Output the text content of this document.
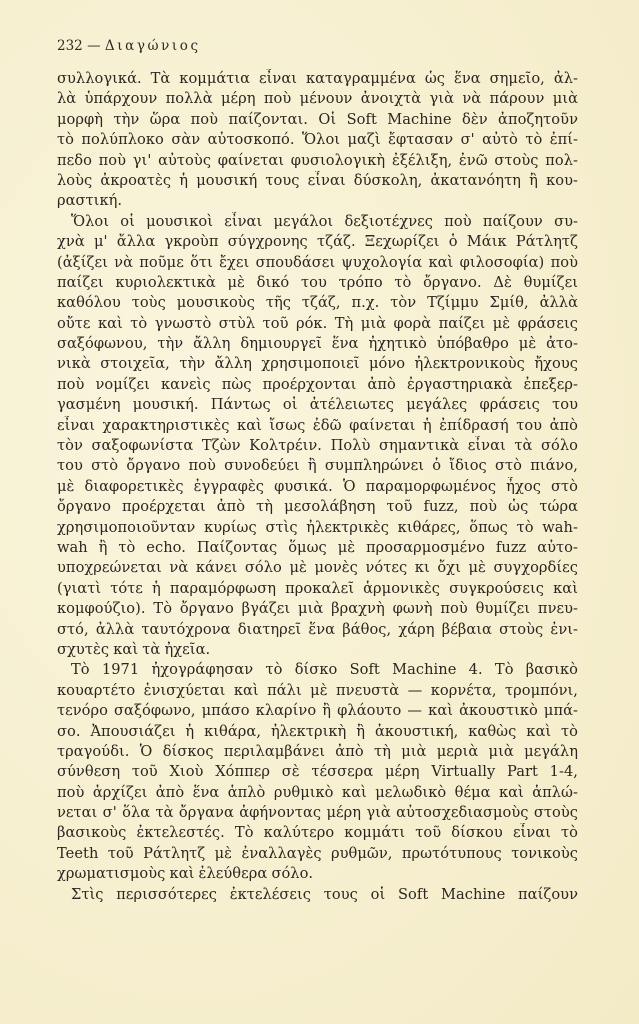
232 — Διαγώνιος
συλλογικά. Τὰ κομμάτια εἶναι καταγραμμένα ὡς ἕνα σημεῖο, ἀλ-
λὰ ὑπάρχουν πολλὰ μέρη ποὺ μένουν ἀνοιχτὰ γιὰ νὰ πάρουν μιὰ
μορφὴ τὴν ὥρα ποὺ παίζονται. Οἱ Soft Machine δὲν ἀποζητοῦν
τὸ πολύπλοκο σὰν αὐτοσκοπό. Ὅλοι μαζὶ ἔφτασαν σ' αὐτὸ τὸ ἐπί-
πεδο ποὺ γι' αὐτοὺς φαίνεται φυσιολογικὴ ἐξέλιξη, ἐνῶ στοὺς πολ-
λοὺς ἀκροατὲς ἡ μουσική τους εἶναι δύσκολη, ἀκατανόητη ἢ κου-
ραστική.
Ὅλοι οἱ μουσικοὶ εἶναι μεγάλοι δεξιοτέχνες ποὺ παίζουν συ-
χνὰ μ' ἄλλα γκροὺπ σύγχρονης τζάζ. Ξεχωρίζει ὁ Μάικ Ράτλητζ
(ἀξίζει νὰ ποῦμε ὅτι ἔχει σπουδάσει ψυχολογία καὶ φιλοσοφία) ποὺ
παίζει κυριολεκτικὰ μὲ δικό του τρόπο τὸ ὄργανο. Δὲ θυμίζει
καθόλου τοὺς μουσικοὺς τῆς τζάζ, π.χ. τὸν Τζίμμυ Σμίθ, ἀλλὰ
οὔτε καὶ τὸ γνωστὸ στὺλ τοῦ ρόκ. Τὴ μιὰ φορὰ παίζει μὲ φράσεις
σαξόφωνου, τὴν ἄλλη δημιουργεῖ ἕνα ἠχητικὸ ὑπόβαθρο μὲ ἀτο-
νικὰ στοιχεῖα, τὴν ἄλλη χρησιμοποιεῖ μόνο ἠλεκτρονικοὺς ἤχους
ποὺ νομίζει κανεὶς πὼς προέρχονται ἀπὸ ἐργαστηριακὰ ἐπεξερ-
γασμένη μουσική. Πάντως οἱ ἀτέλειωτες μεγάλες φράσεις του
εἶναι χαρακτηριστικὲς καὶ ἴσως ἐδῶ φαίνεται ἡ ἐπίδρασή του ἀπὸ
τὸν σαξοφωνίστα Τζὼν Κολτρέιν. Πολὺ σημαντικὰ εἶναι τὰ σόλο
του στὸ ὄργανο ποὺ συνοδεύει ἢ συμπληρώνει ὁ ἴδιος στὸ πιάνο,
μὲ διαφορετικὲς ἐγγραφὲς φυσικά. Ὁ παραμορφωμένος ἦχος στὸ
ὄργανο προέρχεται ἀπὸ τὴ μεσολάβηση τοῦ fuzz, ποὺ ὡς τώρα
χρησιμοποιοῦνταν κυρίως στὶς ἠλεκτρικὲς κιθάρες, ὅπως τὸ wah-
wah ἢ τὸ echo. Παίζοντας ὅμως μὲ προσαρμοσμένο fuzz αὐτο-
υποχρεώνεται νὰ κάνει σόλο μὲ μονὲς νότες κι ὄχι μὲ συγχορδίες
(γιατὶ τότε ἡ παραμόρφωση προκαλεῖ ἁρμονικὲς συγκρούσεις καὶ
κομφούζιο). Τὸ ὄργανο βγάζει μιὰ βραχνὴ φωνὴ ποὺ θυμίζει πνευ-
στό, ἀλλὰ ταυτόχρονα διατηρεῖ ἕνα βάθος, χάρη βέβαια στοὺς ἐνι-
σχυτὲς καὶ τὰ ἠχεῖα.
Τὸ 1971 ἠχογράφησαν τὸ δίσκο Soft Machine 4. Τὸ βασικὸ
κουαρτέτο ἐνισχύεται καὶ πάλι μὲ πνευστὰ — κορνέτα, τρομπόνι,
τενόρο σαξόφωνο, μπάσο κλαρίνο ἢ φλάουτο — καὶ ἀκουστικὸ μπά-
σο. Ἀπουσιάζει ἡ κιθάρα, ἠλεκτρικὴ ἢ ἀκουστική, καθὼς καὶ τὸ
τραγούδι. Ὁ δίσκος περιλαμβάνει ἀπὸ τὴ μιὰ μεριὰ μιὰ μεγάλη
σύνθεση τοῦ Χιοὺ Χόππερ σὲ τέσσερα μέρη Virtually Part 1-4,
ποὺ ἀρχίζει ἀπὸ ἕνα ἁπλὸ ρυθμικὸ καὶ μελωδικὸ θέμα καὶ ἁπλώ-
νεται σ' ὅλα τὰ ὄργανα ἀφήνοντας μέρη γιὰ αὐτοσχεδιασμοὺς στοὺς
βασικοὺς ἐκτελεστές. Τὸ καλύτερο κομμάτι τοῦ δίσκου εἶναι τὸ
Teeth τοῦ Ράτλητζ μὲ ἐναλλαγὲς ρυθμῶν, πρωτότυπους τονικοὺς
χρωματισμοὺς καὶ ἐλεύθερα σόλο.
Στὶς περισσότερες ἐκτελέσεις τους οἱ Soft Machine παίζουν
